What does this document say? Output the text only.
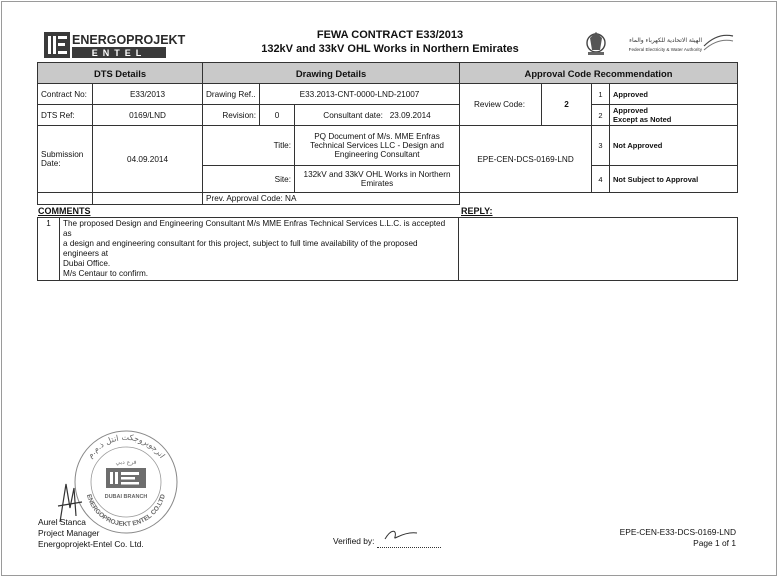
ENERGOPROJEKT
ENTEL
FEWA CONTRACT E33/2013
132kV and 33kV OHL Works in Northern Emirates
الهيئة الاتحادية للكهرباء والماء
Federal Electricity & Water Authority
DTS Details		Drawing Details			Approval Code Recommendation			
Contract No:	E33/2013	Drawing Ref..	E33.2013-CNT-0000-LND-21007		Review Code:	2	1	Approved
DTS Ref:	0169/LND	Revision:	0	Consultant date: 23.09.2014			2	Approved
Except as Noted

Submission Date:	04.09.2014	Title:		PQ Document of M/s. MME Enfras Technical Services LLC - Design and Engineering Consultant	EPE-CEN-DCS-0169-LND		3	Not Approved
		Site:		132kV and 33kV OHL Works in Northern Emirates			4	Not Subject to Approval
		Prev. Approval Code: NA						
COMMENTS	REPLY:
1	The proposed Design and Engineering Consultant M/s MME Enfras Technical Services L.L.C. is accepted as
a design and engineering consultant for this project, subject to full time availability of the proposed engineers at
Dubai Office.
M/s Centaur to confirm.

انرجوبروجكت انتل ذ.م.م
ENERGOPROJEKT ENTEL CO.LTD
فرع دبي
DUBAI BRANCH
Aurel Stanca
Project Manager
Energoprojekt-Entel Co. Ltd.	Verified by:

EPE-CEN-E33-DCS-0169-LND
Page 1 of 1
